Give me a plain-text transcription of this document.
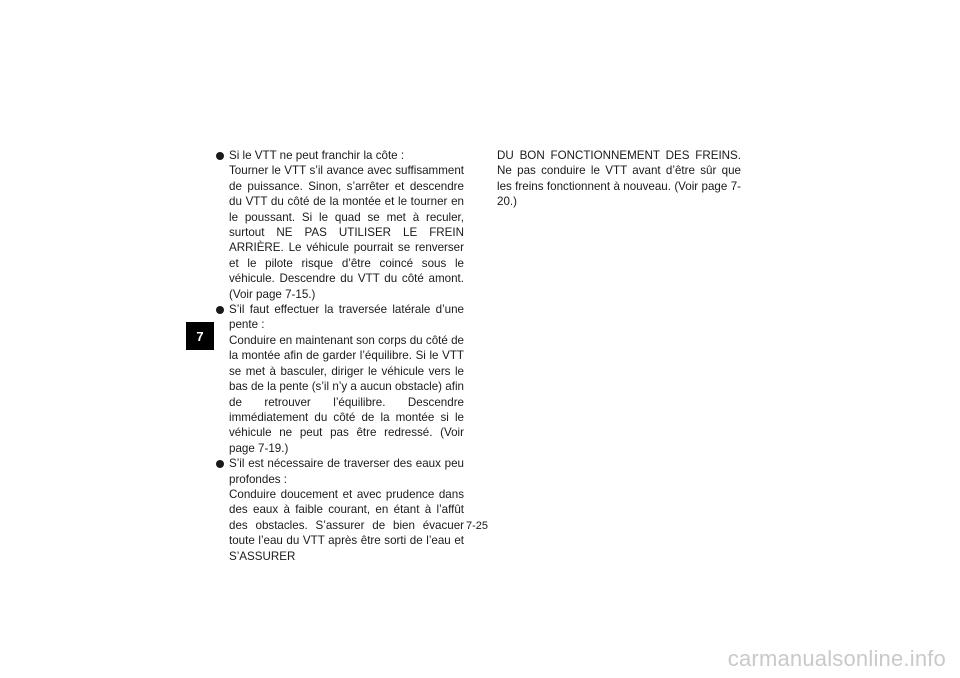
7
Si le VTT ne peut franchir la côte :
Tourner le VTT s’il avance avec suffisamment de puissance. Sinon, s’arrêter et descendre du VTT du côté de la montée et le tourner en le poussant. Si le quad se met à reculer, surtout NE PAS UTILISER LE FREIN ARRIÈRE. Le véhicule pourrait se renverser et le pilote risque d’être coincé sous le véhicule. Descendre du VTT du côté amont. (Voir page 7-15.)
S’il faut effectuer la traversée latérale d’une pente :
Conduire en maintenant son corps du côté de la montée afin de garder l’équilibre. Si le VTT se met à basculer, diriger le véhicule vers le bas de la pente (s’il n’y a aucun obstacle) afin de retrouver l’équilibre. Descendre immédiatement du côté de la montée si le véhicule ne peut pas être redressé. (Voir page 7-19.)
S’il est nécessaire de traverser des eaux peu profondes :
Conduire doucement et avec prudence dans des eaux à faible courant, en étant à l’affût des obstacles. S’assurer de bien évacuer toute l’eau du VTT après être sorti de l’eau et S’ASSURER
DU BON FONCTIONNEMENT DES FREINS. Ne pas conduire le VTT avant d’être sûr que les freins fonctionnent à nouveau. (Voir page 7-20.)
7-25
carmanualsonline.info
